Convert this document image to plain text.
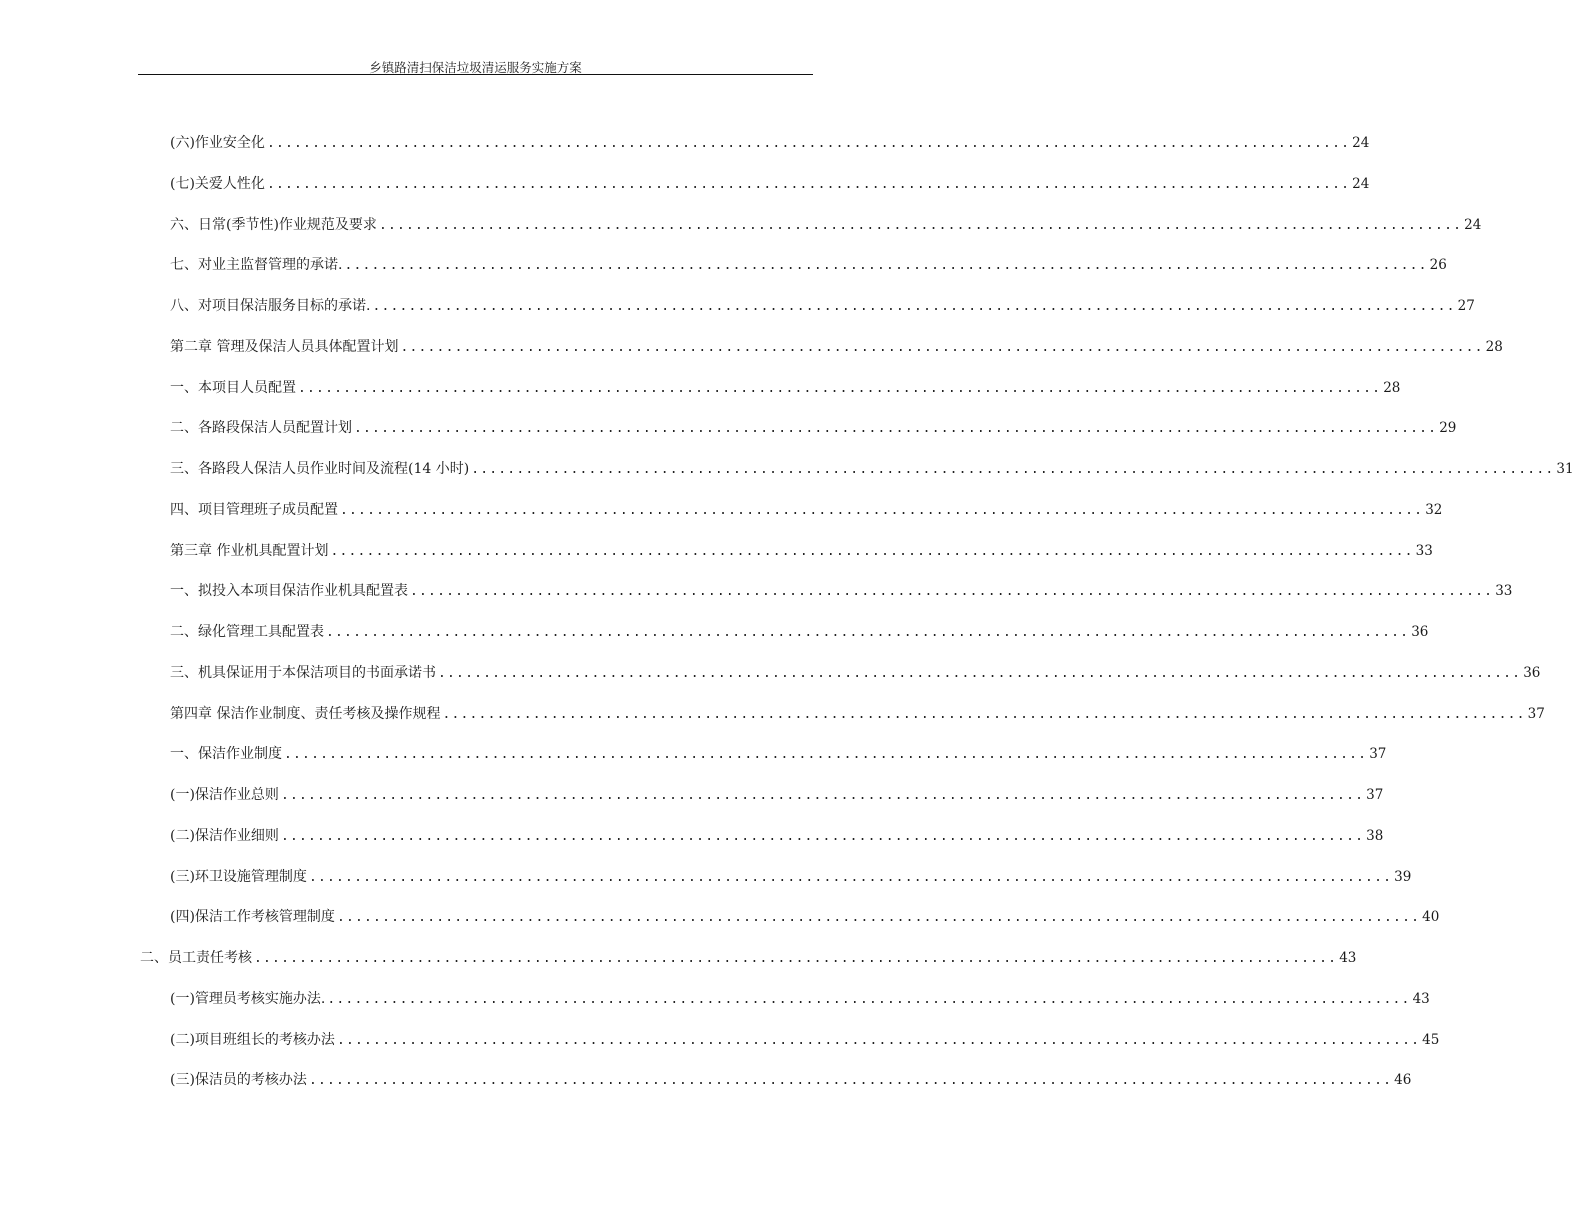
乡镇路清扫保洁垃圾清运服务实施方案
(六)作业安全化 ........................................................................................................................ 24
(七)关爱人性化 ........................................................................................................................ 24
六、日常(季节性)作业规范及要求 ........................................................................................................................ 24
七、对业主监督管理的承诺. ........................................................................................................................ 26
八、对项目保洁服务目标的承诺. ........................................................................................................................ 27
第二章 管理及保洁人员具体配置计划 ........................................................................................................................ 28
一、本项目人员配置 ........................................................................................................................ 28
二、各路段保洁人员配置计划 ........................................................................................................................ 29
三、各路段人保洁人员作业时间及流程(14 小时) ........................................................................................................................ 31
四、项目管理班子成员配置 ........................................................................................................................ 32
第三章 作业机具配置计划 ........................................................................................................................ 33
一、拟投入本项目保洁作业机具配置表 ........................................................................................................................ 33
二、绿化管理工具配置表 ........................................................................................................................ 36
三、机具保证用于本保洁项目的书面承诺书 ........................................................................................................................ 36
第四章 保洁作业制度、责任考核及操作规程 ........................................................................................................................ 37
一、保洁作业制度 ........................................................................................................................ 37
(一)保洁作业总则 ........................................................................................................................ 37
(二)保洁作业细则 ........................................................................................................................ 38
(三)环卫设施管理制度 ........................................................................................................................ 39
(四)保洁工作考核管理制度 ........................................................................................................................ 40
二、员工责任考核 ........................................................................................................................ 43
(一)管理员考核实施办法. ........................................................................................................................ 43
(二)项目班组长的考核办法 ........................................................................................................................ 45
(三)保洁员的考核办法 ........................................................................................................................ 46
